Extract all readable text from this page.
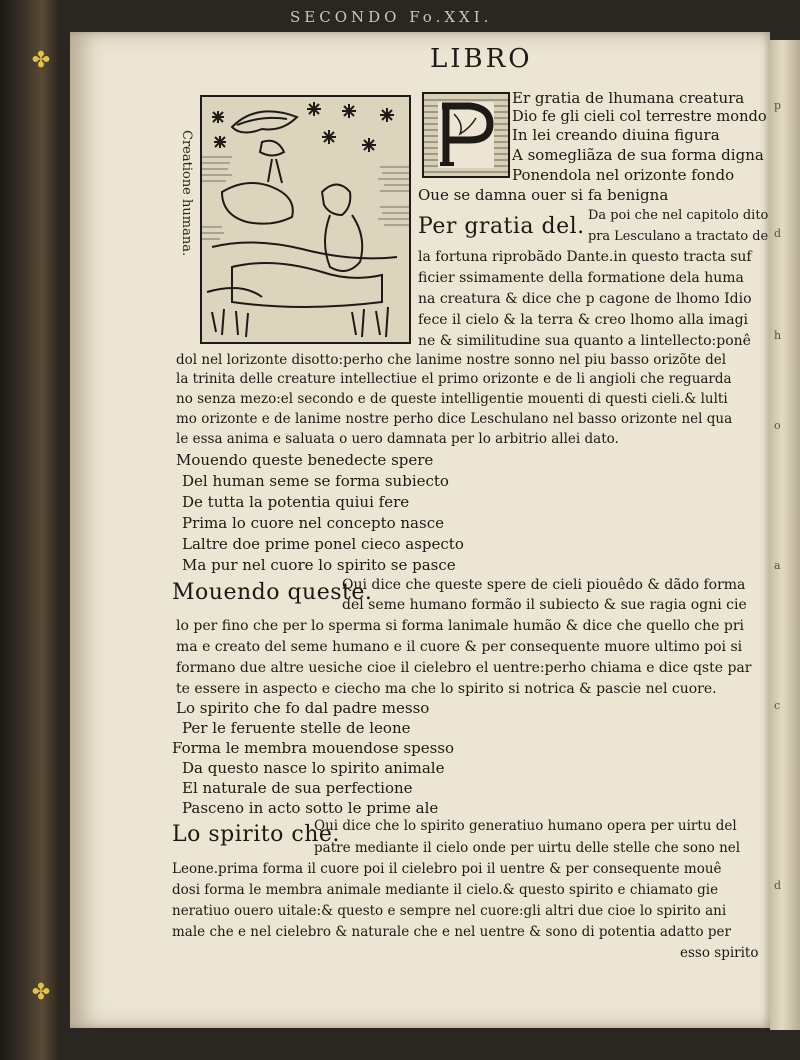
✤
✤
p
d
h
o
a
c
d
SECONDO Fo.XXI.
LIBRO
Creatione humana.
Er gratia de lhumana creatura
Dio fe gli cieli col terrestre mondo
In lei creando diuina figura
A somegliãza de sua forma digna
Ponendola nel orizonte fondo
Oue se damna ouer si fa benigna
Per gratia del. Da poi che nel capitolo dito
pra Lesculano a tractato de
la fortuna riprobãdo Dante.in questo tracta suf
ficier ssimamente della formatione dela huma
na creatura & dice che p cagone de lhomo Idio
fece il cielo & la terra & creo lhomo alla imagi
ne & similitudine sua quanto a lintellecto:ponê
dol nel lorizonte disotto:perho che lanime nostre sonno nel piu basso orizõte del
la trinita delle creature intellectiue el primo orizonte e de li angioli che reguarda
no senza mezo:el secondo e de queste intelligentie mouenti di questi cieli.& lulti
mo orizonte e de lanime nostre perho dice Leschulano nel basso orizonte nel qua
le essa anima e saluata o uero damnata per lo arbitrio allei dato.
Mouendo queste benedecte spere
Del human seme se forma subiecto
De tutta la potentia quiui fere
Prima lo cuore nel concepto nasce
Laltre doe prime ponel cieco aspecto
Ma pur nel cuore lo spirito se pasce
Mouendo queste.
Qui dice che queste spere de cieli piouêdo & dãdo forma
del seme humano formão il subiecto & sue ragia ogni cie
lo per fino che per lo sperma si forma lanimale humão & dice che quello che pri
ma e creato del seme humano e il cuore & per consequente muore ultimo poi si
formano due altre uesiche cioe il cielebro el uentre:perho chiama e dice qste par
te essere in aspecto e ciecho ma che lo spirito si notrica & pascie nel cuore.
Lo spirito che fo dal padre messo
Per le feruente stelle de leone
Forma le membra mouendose spesso
Da questo nasce lo spirito animale
El naturale de sua perfectione
Pasceno in acto sotto le prime ale
Lo spirito che.
Qui dice che lo spirito generatiuo humano opera per uirtu del
patre mediante il cielo onde per uirtu delle stelle che sono nel
Leone.prima forma il cuore poi il cielebro poi il uentre & per consequente mouê
dosi forma le membra animale mediante il cielo.& questo spirito e chiamato gie
neratiuo ouero uitale:& questo e sempre nel cuore:gli altri due cioe lo spirito ani
male che e nel cielebro & naturale che e nel uentre & sono di potentia adatto per
esso spirito
